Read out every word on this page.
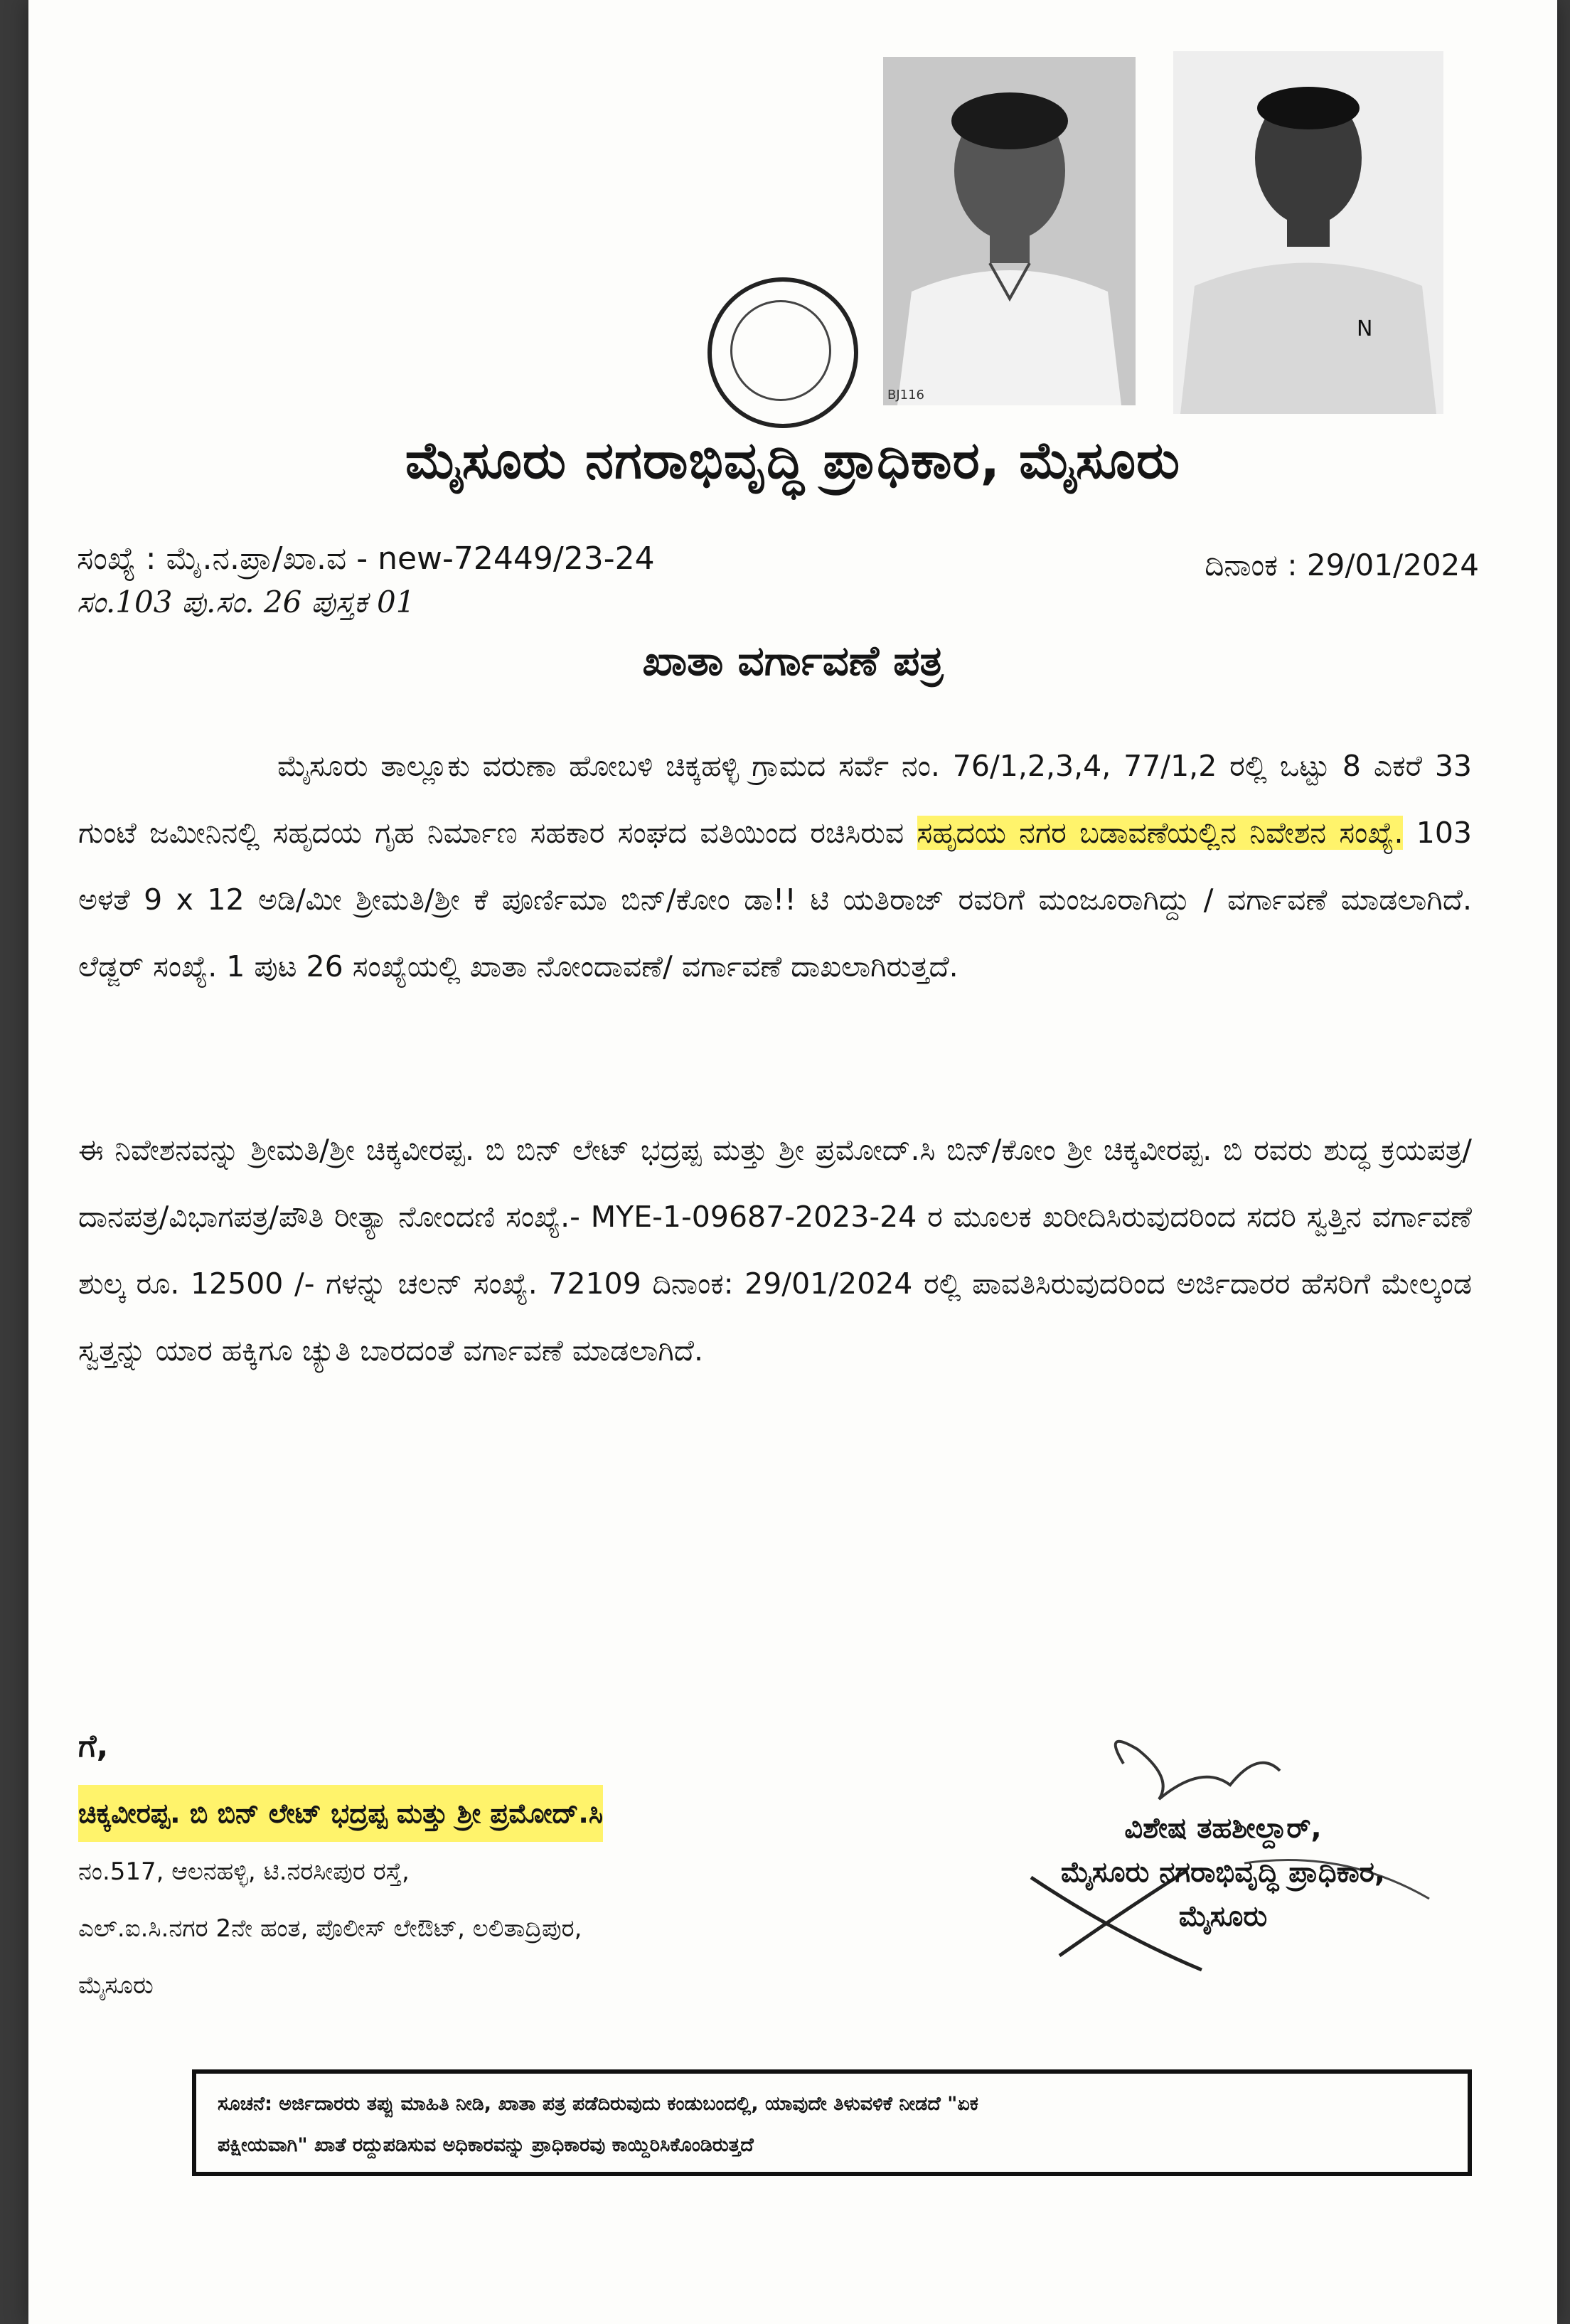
BJ116
N
ಮೈಸೂರು ನಗರಾಭಿವೃದ್ಧಿ ಪ್ರಾಧಿಕಾರ, ಮೈಸೂರು
ಸಂಖ್ಯೆ : ಮೈ.ನ.ಪ್ರಾ/ಖಾ.ವ - new-72449/23-24	ದಿನಾಂಕ : 29/01/2024
ಸಂ.103 ಪು.ಸಂ. 26 ಪುಸ್ತಕ 01
ಖಾತಾ ವರ್ಗಾವಣೆ ಪತ್ರ
ಮೈಸೂರು ತಾಲ್ಲೂಕು ವರುಣಾ ಹೋಬಳಿ ಚಿಕ್ಕಹಳ್ಳಿ ಗ್ರಾಮದ ಸರ್ವೆ ನಂ. 76/1,2,3,4, 77/1,2 ರಲ್ಲಿ ಒಟ್ಟು 8 ಎಕರೆ 33 ಗುಂಟೆ ಜಮೀನಿನಲ್ಲಿ ಸಹೃದಯ ಗೃಹ ನಿರ್ಮಾಣ ಸಹಕಾರ ಸಂಘದ ವತಿಯಿಂದ ರಚಿಸಿರುವ ಸಹೃದಯ ನಗರ ಬಡಾವಣೆಯಲ್ಲಿನ ನಿವೇಶನ ಸಂಖ್ಯೆ. 103 ಅಳತೆ 9 x 12 ಅಡಿ/ಮೀ ಶ್ರೀಮತಿ/ಶ್ರೀ ಕೆ ಪೂರ್ಣಿಮಾ ಬಿನ್/ಕೋಂ ಡಾ!! ಟಿ ಯತಿರಾಜ್ ರವರಿಗೆ ಮಂಜೂರಾಗಿದ್ದು / ವರ್ಗಾವಣೆ ಮಾಡಲಾಗಿದೆ. ಲೆಡ್ಜರ್ ಸಂಖ್ಯೆ. 1 ಪುಟ 26 ಸಂಖ್ಯೆಯಲ್ಲಿ ಖಾತಾ ನೋಂದಾವಣೆ/ ವರ್ಗಾವಣೆ ದಾಖಲಾಗಿರುತ್ತದೆ.
ಈ ನಿವೇಶನವನ್ನು ಶ್ರೀಮತಿ/ಶ್ರೀ ಚಿಕ್ಕವೀರಪ್ಪ. ಬಿ ಬಿನ್ ಲೇಟ್ ಭದ್ರಪ್ಪ ಮತ್ತು ಶ್ರೀ ಪ್ರಮೋದ್.ಸಿ ಬಿನ್/ಕೋಂ ಶ್ರೀ ಚಿಕ್ಕವೀರಪ್ಪ. ಬಿ ರವರು ಶುದ್ಧ ಕ್ರಯಪತ್ರ/ ದಾನಪತ್ರ/ವಿಭಾಗಪತ್ರ/ಪೌತಿ ರೀತ್ಯಾ ನೋಂದಣಿ ಸಂಖ್ಯೆ.- MYE-1-09687-2023-24 ರ ಮೂಲಕ ಖರೀದಿಸಿರುವುದರಿಂದ ಸದರಿ ಸ್ವತ್ತಿನ ವರ್ಗಾವಣೆ ಶುಲ್ಕ ರೂ. 12500 /- ಗಳನ್ನು ಚಲನ್ ಸಂಖ್ಯೆ. 72109 ದಿನಾಂಕ: 29/01/2024 ರಲ್ಲಿ ಪಾವತಿಸಿರುವುದರಿಂದ ಅರ್ಜಿದಾರರ ಹೆಸರಿಗೆ ಮೇಲ್ಕಂಡ ಸ್ವತ್ತನ್ನು ಯಾರ ಹಕ್ಕಿಗೂ ಚ್ಯುತಿ ಬಾರದಂತೆ ವರ್ಗಾವಣೆ ಮಾಡಲಾಗಿದೆ.
ಗೆ,
ಚಿಕ್ಕವೀರಪ್ಪ. ಬಿ ಬಿನ್ ಲೇಟ್ ಭದ್ರಪ್ಪ ಮತ್ತು ಶ್ರೀ ಪ್ರಮೋದ್.ಸಿ
ನಂ.517, ಆಲನಹಳ್ಳಿ, ಟಿ.ನರಸೀಪುರ ರಸ್ತೆ,
ಎಲ್.ಐ.ಸಿ.ನಗರ 2ನೇ ಹಂತ, ಪೊಲೀಸ್ ಲೇಔಟ್, ಲಲಿತಾದ್ರಿಪುರ,
ಮೈಸೂರು
ವಿಶೇಷ ತಹಶೀಲ್ದಾರ್,
ಮೈಸೂರು ನಗರಾಭಿವೃದ್ಧಿ ಪ್ರಾಧಿಕಾರ,
ಮೈಸೂರು
ಸೂಚನೆ: ಅರ್ಜಿದಾರರು ತಪ್ಪು ಮಾಹಿತಿ ನೀಡಿ, ಖಾತಾ ಪತ್ರ ಪಡೆದಿರುವುದು ಕಂಡುಬಂದಲ್ಲಿ, ಯಾವುದೇ ತಿಳುವಳಿಕೆ ನೀಡದೆ "ಏಕ
ಪಕ್ಷೀಯವಾಗಿ" ಖಾತೆ ರದ್ದುಪಡಿಸುವ ಅಧಿಕಾರವನ್ನು ಪ್ರಾಧಿಕಾರವು ಕಾಯ್ದಿರಿಸಿಕೊಂಡಿರುತ್ತದೆ
